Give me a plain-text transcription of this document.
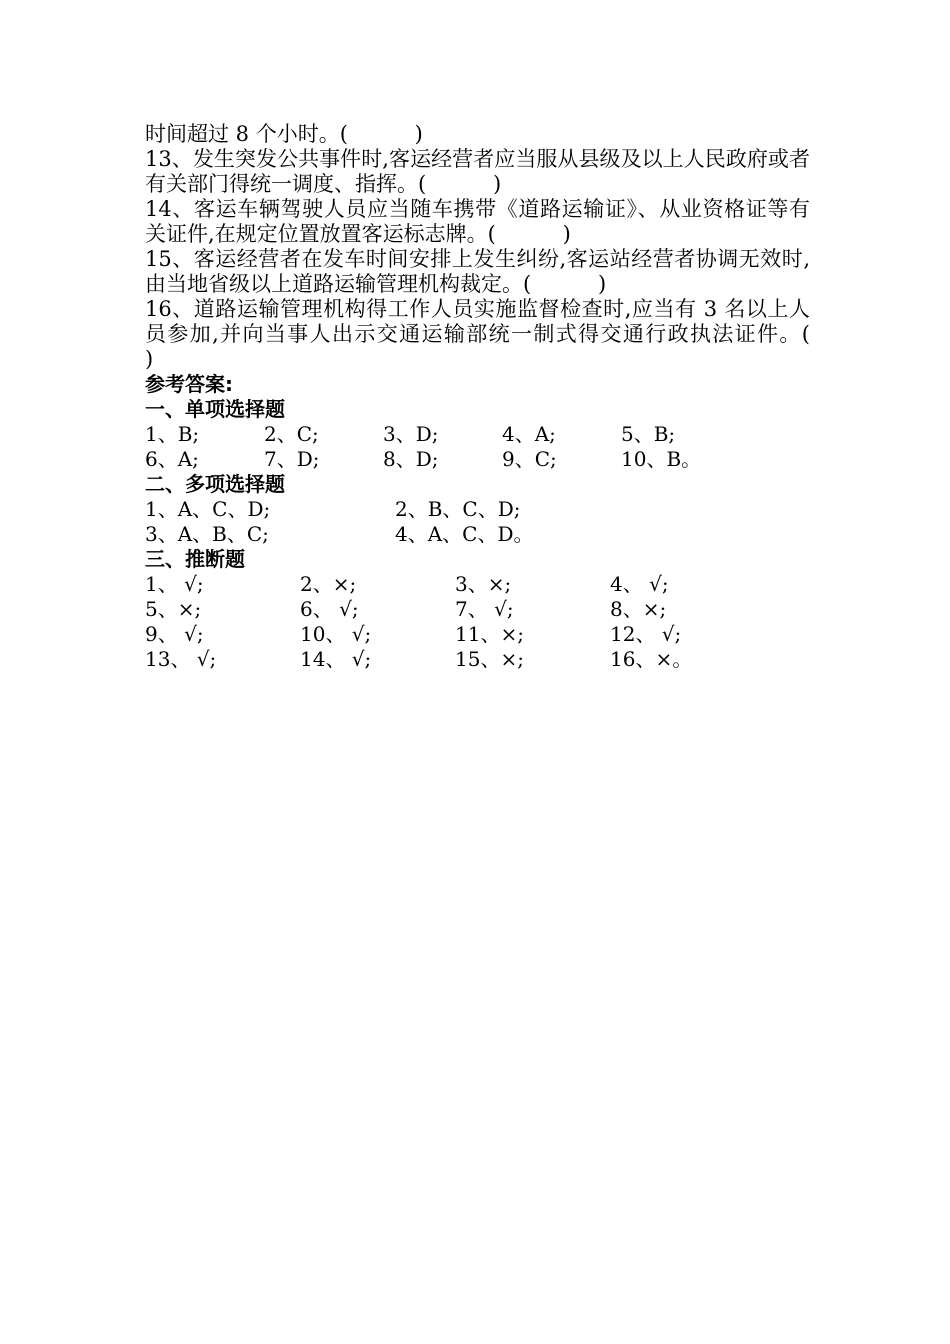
时间超过 8 个小时。(          )

13、发生突发公共事件时,客运经营者应当服从县级及以上人民政府或者有关部门得统一调度、指挥。(          )

14、客运车辆驾驶人员应当随车携带《道路运输证》、从业资格证等有关证件,在规定位置放置客运标志牌。(          )

15、客运经营者在发车时间安排上发生纠纷,客运站经营者协调无效时,由当地省级以上道路运输管理机构裁定。(          )

16、道路运输管理机构得工作人员实施监督检查时,应当有 3 名以上人员参加,并向当事人出示交通运输部统一制式得交通行政执法证件。(          )

参考答案:

一、单项选择题

1、B;	2、C;	3、D;	4、A;	5、B;
6、A;	7、D;	8、D;	9、C;	10、B。

二、多项选择题

1、A、C、D;	2、B、C、D;
3、A、B、C;	4、A、C、D。

三、推断题

1、 √;	2、×;	3、×;	4、 √;
5、×;	6、 √;	7、 √;	8、×;
9、 √;	10、 √;	11、×;	12、 √;
13、 √;	14、 √;	15、×;	16、×。
